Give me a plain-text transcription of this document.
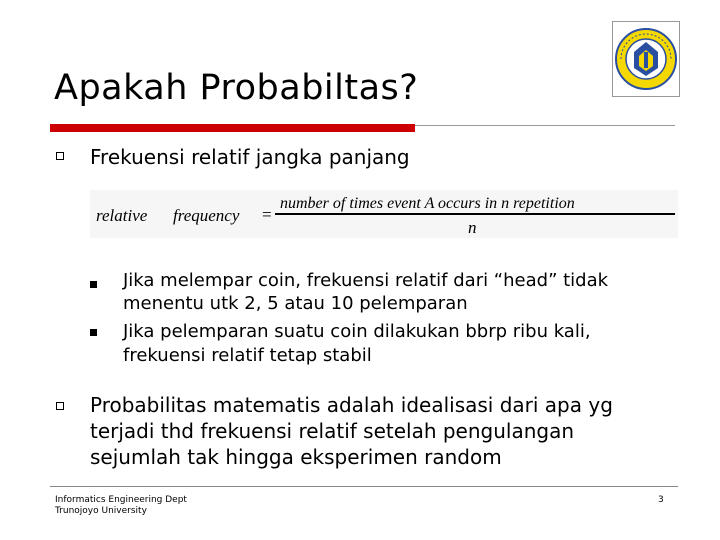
Apakah Probabiltas?
Frekuensi relatif jangka panjang
relative frequency =
number of times event A occurs in n repetition
n
Jika melempar coin, frekuensi relatif dari “head” tidak
menentu utk 2, 5 atau 10 pelemparan
Jika pelemparan suatu coin dilakukan bbrp ribu kali,
frekuensi relatif tetap stabil
Probabilitas matematis adalah idealisasi dari apa yg
terjadi thd frekuensi relatif setelah pengulangan
sejumlah tak hingga eksperimen random
Informatics Engineering Dept
Trunojoyo University
3
